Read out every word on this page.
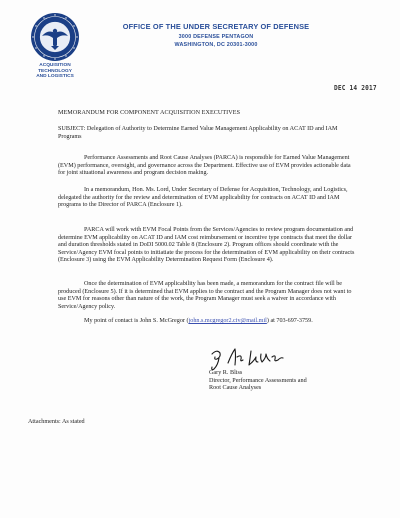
ACQUISITION
TECHNOLOGY
AND LOGISTICS
OFFICE OF THE UNDER SECRETARY OF DEFENSE
3000 DEFENSE PENTAGON
WASHINGTON, DC 20301-3000
DEC 14 2017
MEMORANDUM FOR COMPONENT ACQUISITION EXECUTIVES
SUBJECT: Delegation of Authority to Determine Earned Value Management Applicability on ACAT ID and IAM Programs
Performance Assessments and Root Cause Analyses (PARCA) is responsible for Earned Value Management (EVM) performance, oversight, and governance across the Department. Effective use of EVM provides actionable data for joint situational awareness and program decision making.
In a memorandum, Hon. Ms. Lord, Under Secretary of Defense for Acquisition, Technology, and Logistics, delegated the authority for the review and determination of EVM applicability for contracts on ACAT ID and IAM programs to the Director of PARCA (Enclosure 1).
PARCA will work with EVM Focal Points from the Services/Agencies to review program documentation and determine EVM applicability on ACAT ID and IAM cost reimbursement or incentive type contracts that meet the dollar and duration thresholds stated in DoDI 5000.02 Table 8 (Enclosure 2). Program offices should coordinate with the Service/Agency EVM focal points to initiatiate the process for the determination of EVM applicability on their contracts (Enclosure 3) using the EVM Applicability Determination Request Form (Enclosure 4).
Once the determination of EVM applicability has been made, a memorandum for the contract file will be produced (Enclosure 5). If it is determined that EVM applies to the contract and the Program Manager does not want to use EVM for reasons other than nature of the work, the Program Manager must seek a waiver in accordance with Service/Agency policy.
My point of contact is John S. McGregor (john.s.mcgregor2.civ@mail.mil) at 703-697-3759.
Gary R. Bliss
Director, Performance Assessments and
Root Cause Analyses
Attachments: As stated
